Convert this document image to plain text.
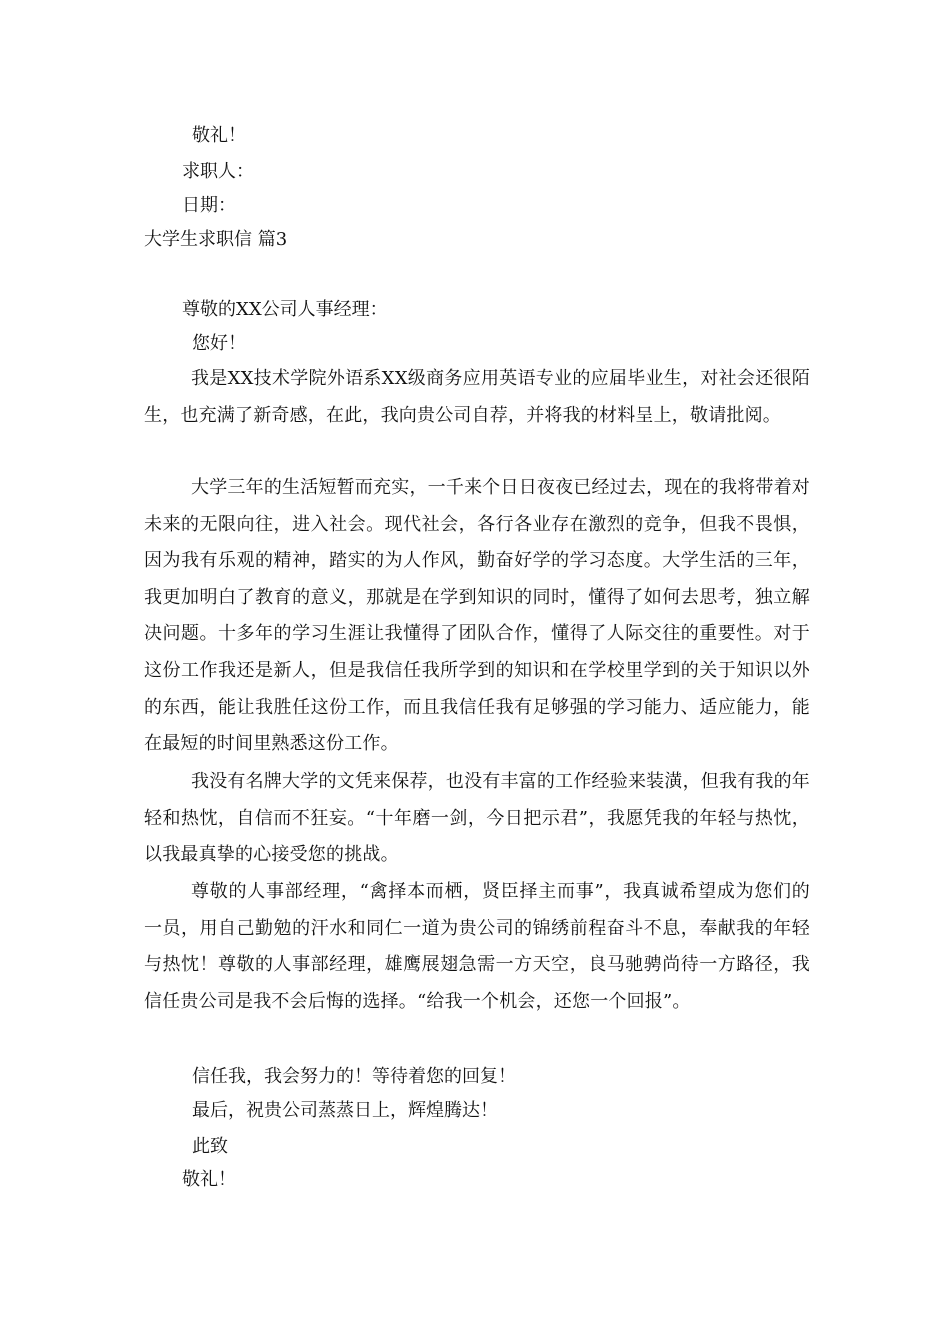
敬礼！
求职人：
日期：
大学生求职信 篇3
尊敬的XX公司人事经理：
您好！

我是XX技术学院外语系XX级商务应用英语专业的应届毕业生，对社会还很陌生，也充满了新奇感，在此，我向贵公司自荐，并将我的材料呈上，敬请批阅。

大学三年的生活短暂而充实，一千来个日日夜夜已经过去，现在的我将带着对未来的无限向往，进入社会。现代社会，各行各业存在激烈的竞争，但我不畏惧，因为我有乐观的精神，踏实的为人作风，勤奋好学的学习态度。大学生活的三年，我更加明白了教育的意义，那就是在学到知识的同时，懂得了如何去思考，独立解决问题。十多年的学习生涯让我懂得了团队合作，懂得了人际交往的重要性。对于这份工作我还是新人，但是我信任我所学到的知识和在学校里学到的关于知识以外的东西，能让我胜任这份工作，而且我信任我有足够强的学习能力、适应能力，能在最短的时间里熟悉这份工作。

我没有名牌大学的文凭来保荐，也没有丰富的工作经验来装潢，但我有我的年轻和热忱，自信而不狂妄。“十年磨一剑，今日把示君”，我愿凭我的年轻与热忱，以我最真挚的心接受您的挑战。

尊敬的人事部经理，“禽择本而栖，贤臣择主而事”，我真诚希望成为您们的一员，用自己勤勉的汗水和同仁一道为贵公司的锦绣前程奋斗不息，奉献我的年轻与热忱！尊敬的人事部经理，雄鹰展翅急需一方天空，良马驰骋尚待一方路径，我信任贵公司是我不会后悔的选择。“给我一个机会，还您一个回报”。

信任我，我会努力的！等待着您的回复！
最后，祝贵公司蒸蒸日上，辉煌腾达！
此致
敬礼！
